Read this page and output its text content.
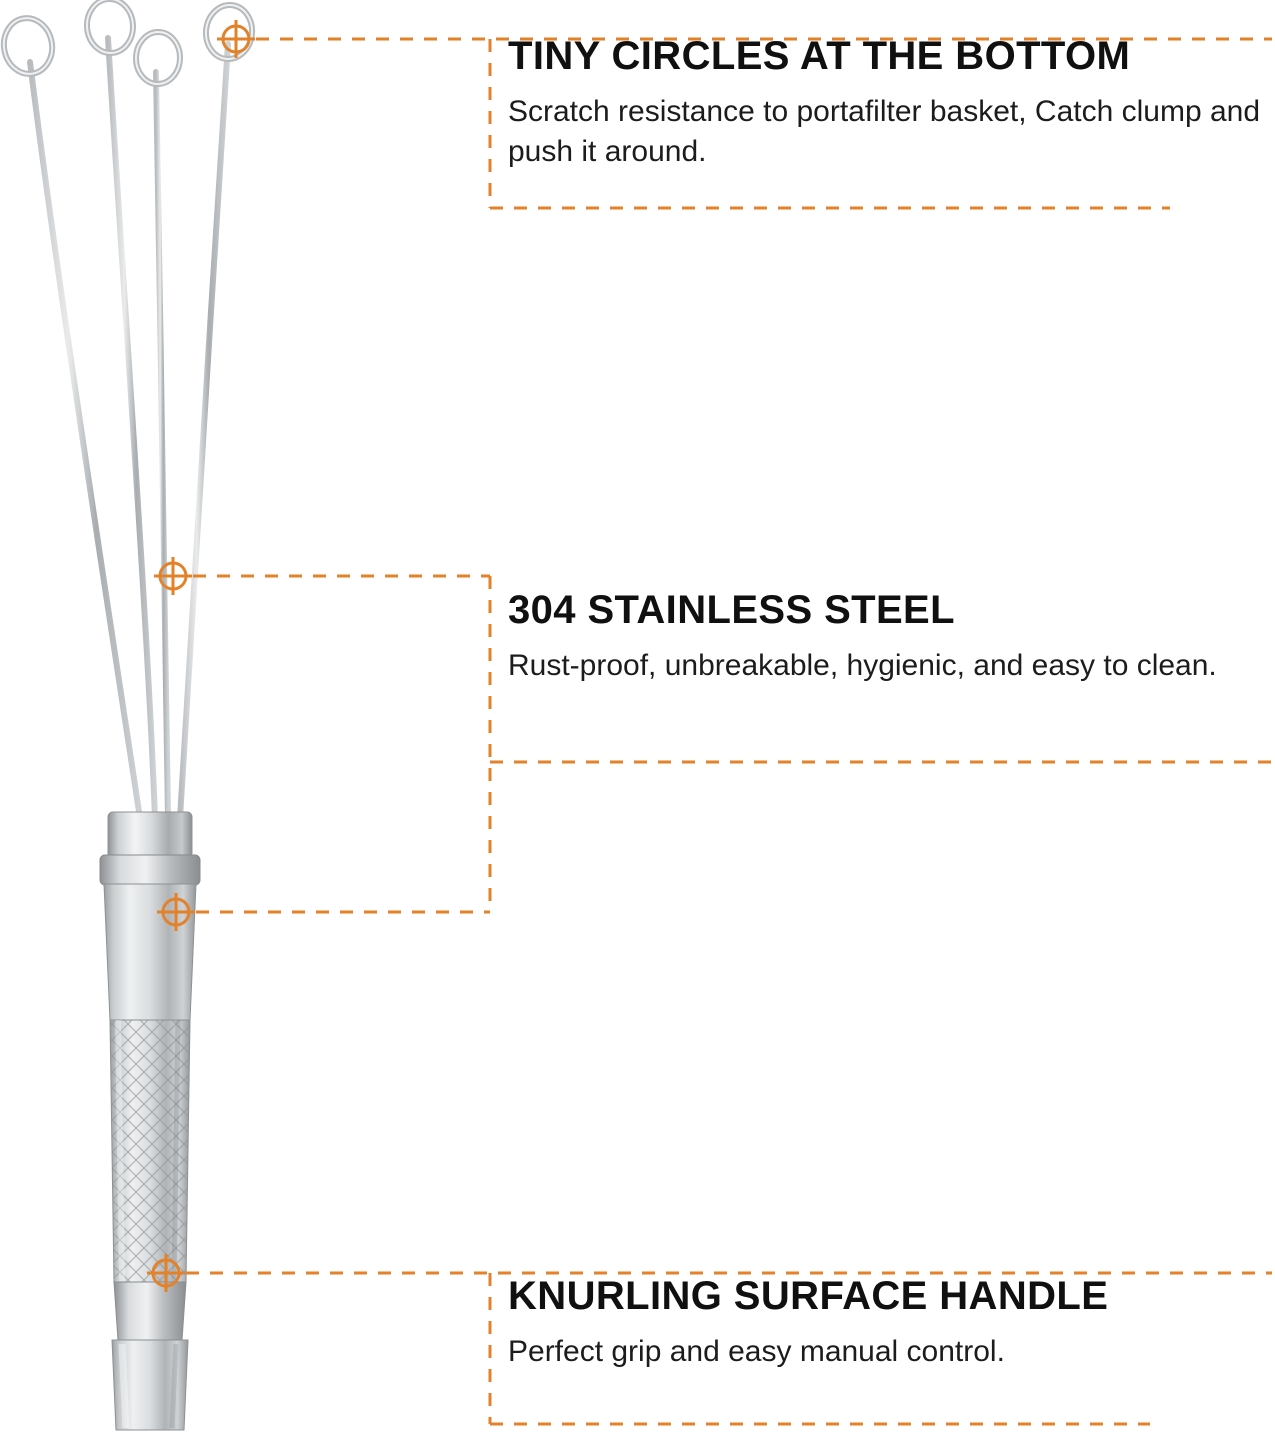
TINY CIRCLES AT THE BOTTOM
Scratch resistance to portafilter basket, Catch clump and push it around.
304 STAINLESS STEEL
Rust-proof, unbreakable, hygienic, and easy to clean.
KNURLING SURFACE HANDLE
Perfect grip and easy manual control.
